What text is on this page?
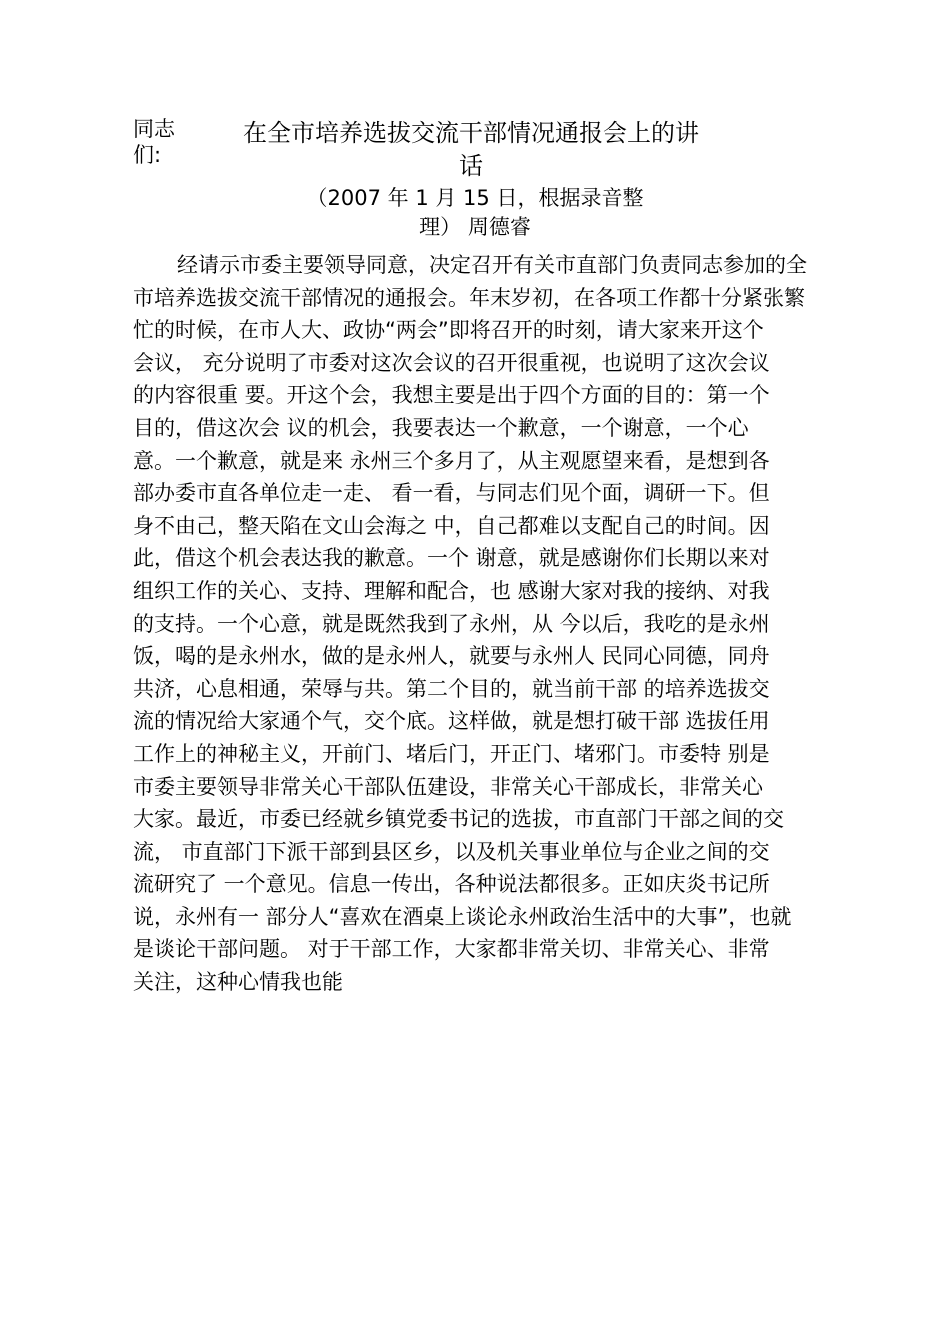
同志们:
在全市培养选拔交流干部情况通报会上的讲话
（2007 年 1 月 15 日，根据录音整理） 周德睿
经请示市委主要领导同意，决定召开有关市直部门负责同志参加的全
市培养选拔交流干部情况的通报会。年末岁初，在各项工作都十分紧张繁
忙的时候，在市人大、政协“两会”即将召开的时刻，请大家来开这个
会议， 充分说明了市委对这次会议的召开很重视，也说明了这次会议
的内容很重 要。开这个会，我想主要是出于四个方面的目的：第一个
目的，借这次会 议的机会，我要表达一个歉意，一个谢意，一个心
意。一个歉意，就是来 永州三个多月了，从主观愿望来看，是想到各
部办委市直各单位走一走、 看一看，与同志们见个面，调研一下。但
身不由己，整天陷在文山会海之 中，自己都难以支配自己的时间。因
此，借这个机会表达我的歉意。一个 谢意，就是感谢你们长期以来对
组织工作的关心、支持、理解和配合，也 感谢大家对我的接纳、对我
的支持。一个心意，就是既然我到了永州，从 今以后，我吃的是永州
饭，喝的是永州水，做的是永州人，就要与永州人 民同心同德，同舟
共济，心息相通，荣辱与共。第二个目的，就当前干部 的培养选拔交
流的情况给大家通个气，交个底。这样做，就是想打破干部 选拔任用
工作上的神秘主义，开前门、堵后门，开正门、堵邪门。市委特 别是
市委主要领导非常关心干部队伍建设，非常关心干部成长，非常关心
大家。最近，市委已经就乡镇党委书记的选拔，市直部门干部之间的交
流， 市直部门下派干部到县区乡，以及机关事业单位与企业之间的交
流研究了 一个意见。信息一传出，各种说法都很多。正如庆炎书记所
说，永州有一 部分人“喜欢在酒桌上谈论永州政治生活中的大事”，也就
是谈论干部问题。 对于干部工作，大家都非常关切、非常关心、非常
关注，这种心情我也能
